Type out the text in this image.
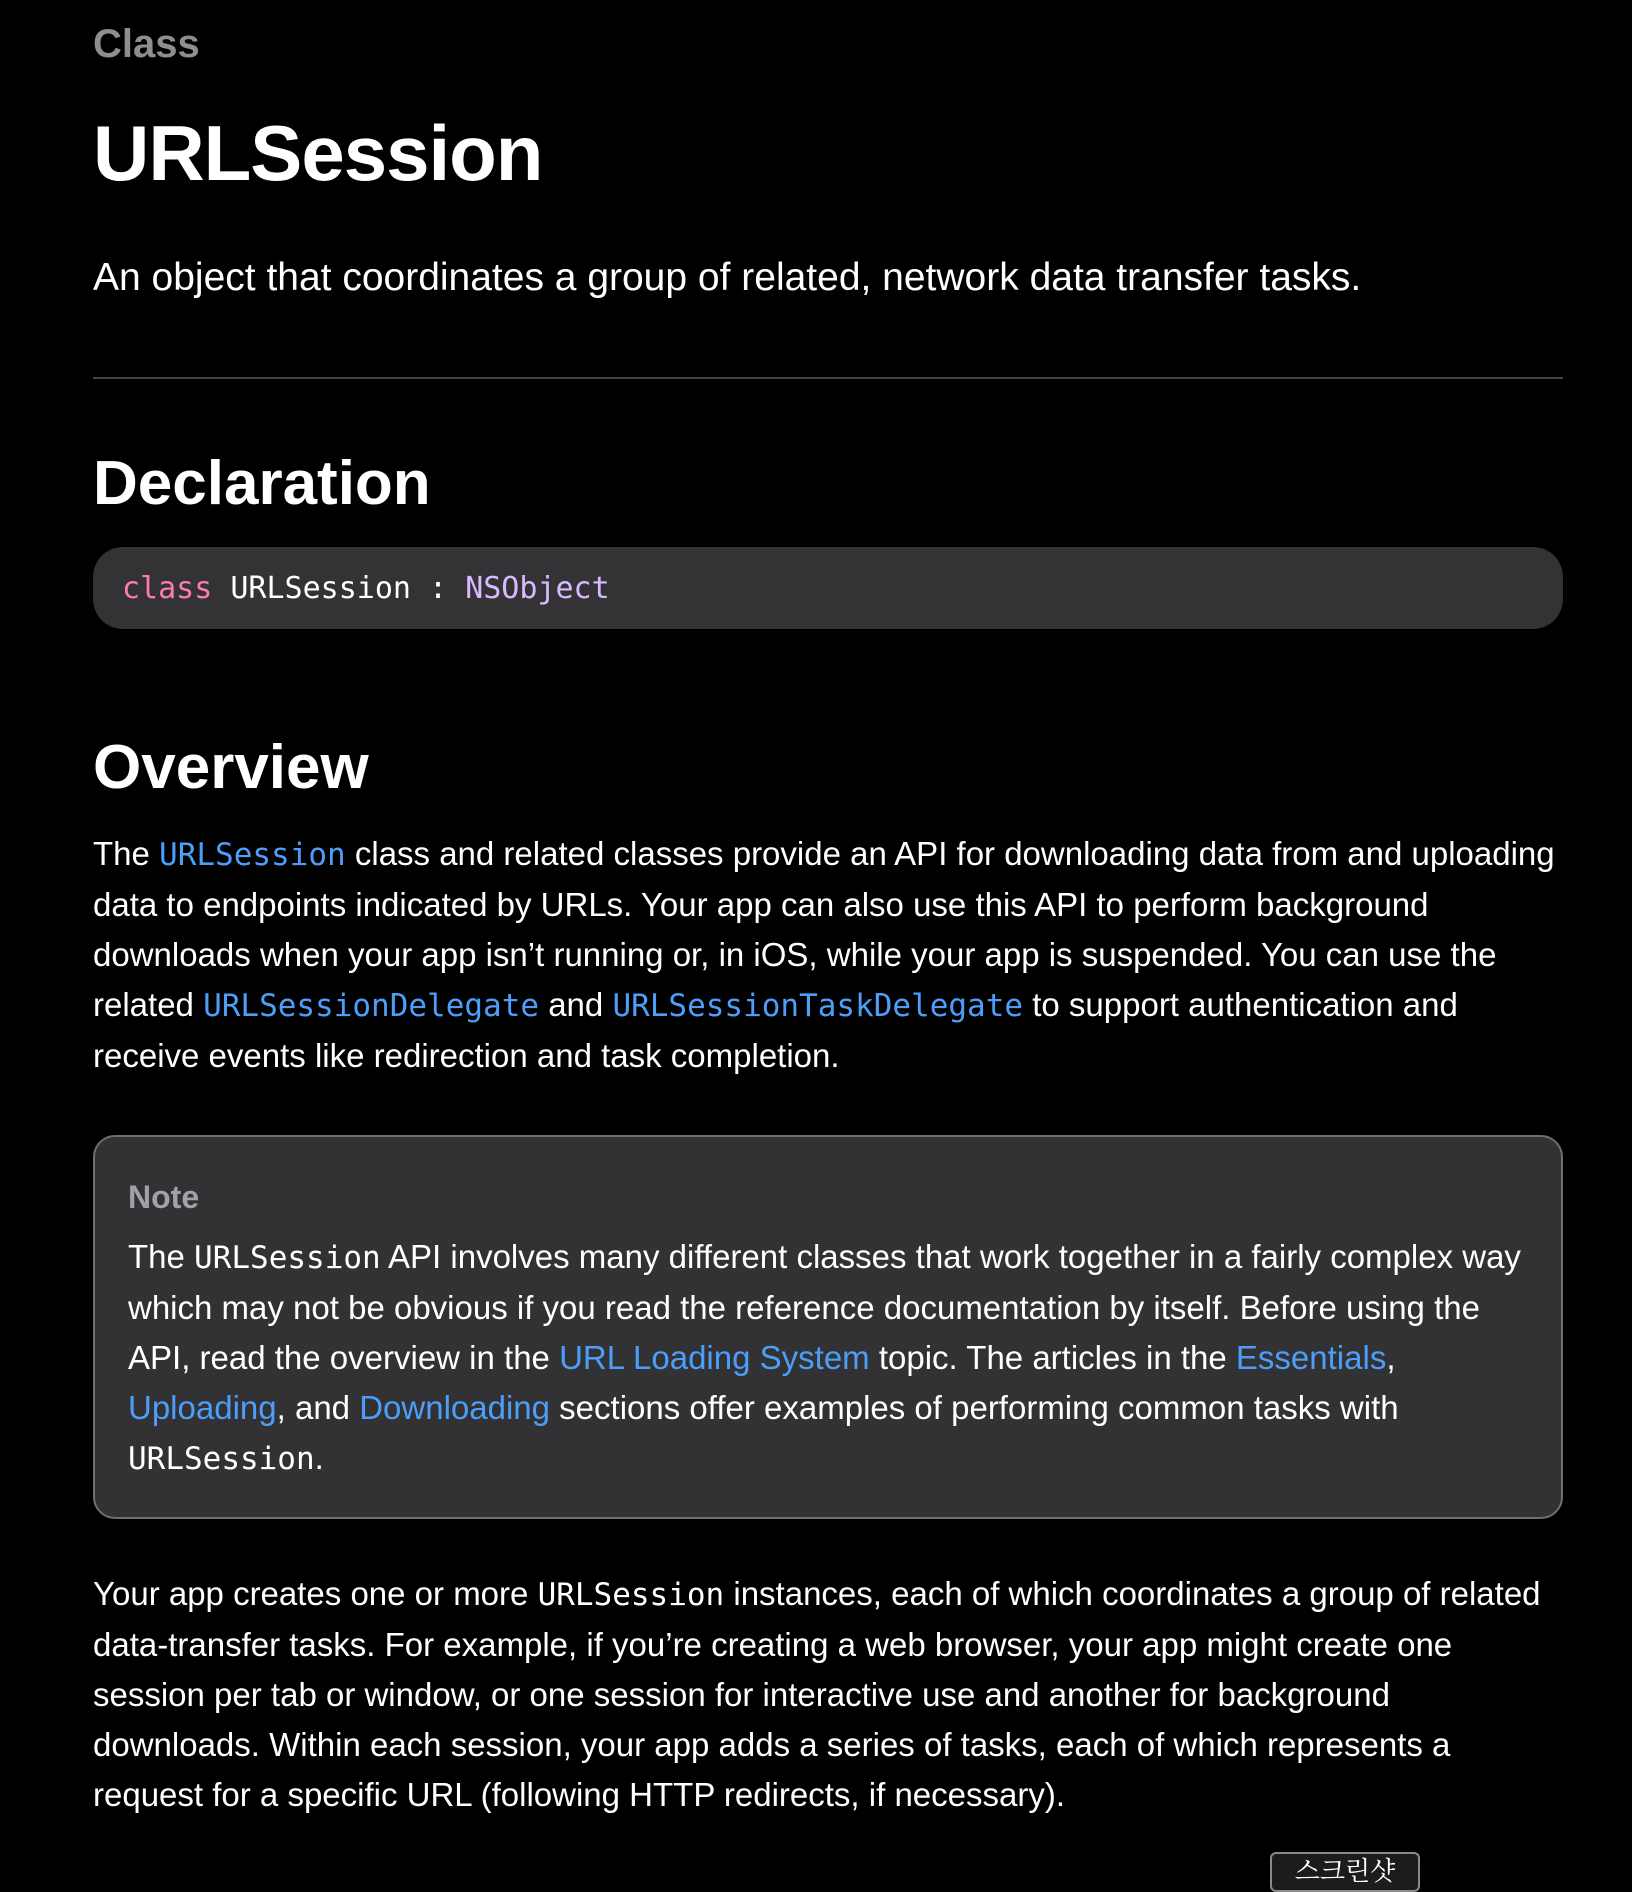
Class
URLSession
An object that coordinates a group of related, network data transfer tasks.
Declaration
class URLSession : NSObject
Overview
The URLSession class and related classes provide an API for downloading data from and uploading data to endpoints indicated by URLs. Your app can also use this API to perform background downloads when your app isn’t running or, in iOS, while your app is suspended. You can use the related URLSessionDelegate and URLSessionTaskDelegate to support authentication and receive events like redirection and task completion.
Note
The URLSession API involves many different classes that work together in a fairly complex way which may not be obvious if you read the reference documentation by itself. Before using the API, read the overview in the URL Loading System topic. The articles in the Essentials, Uploading, and Downloading sections offer examples of performing common tasks with URLSession.
Your app creates one or more URLSession instances, each of which coordinates a group of related data-transfer tasks. For example, if you’re creating a web browser, your app might create one session per tab or window, or one session for interactive use and another for background downloads. Within each session, your app adds a series of tasks, each of which represents a request for a specific URL (following HTTP redirects, if necessary).
스크린샷
